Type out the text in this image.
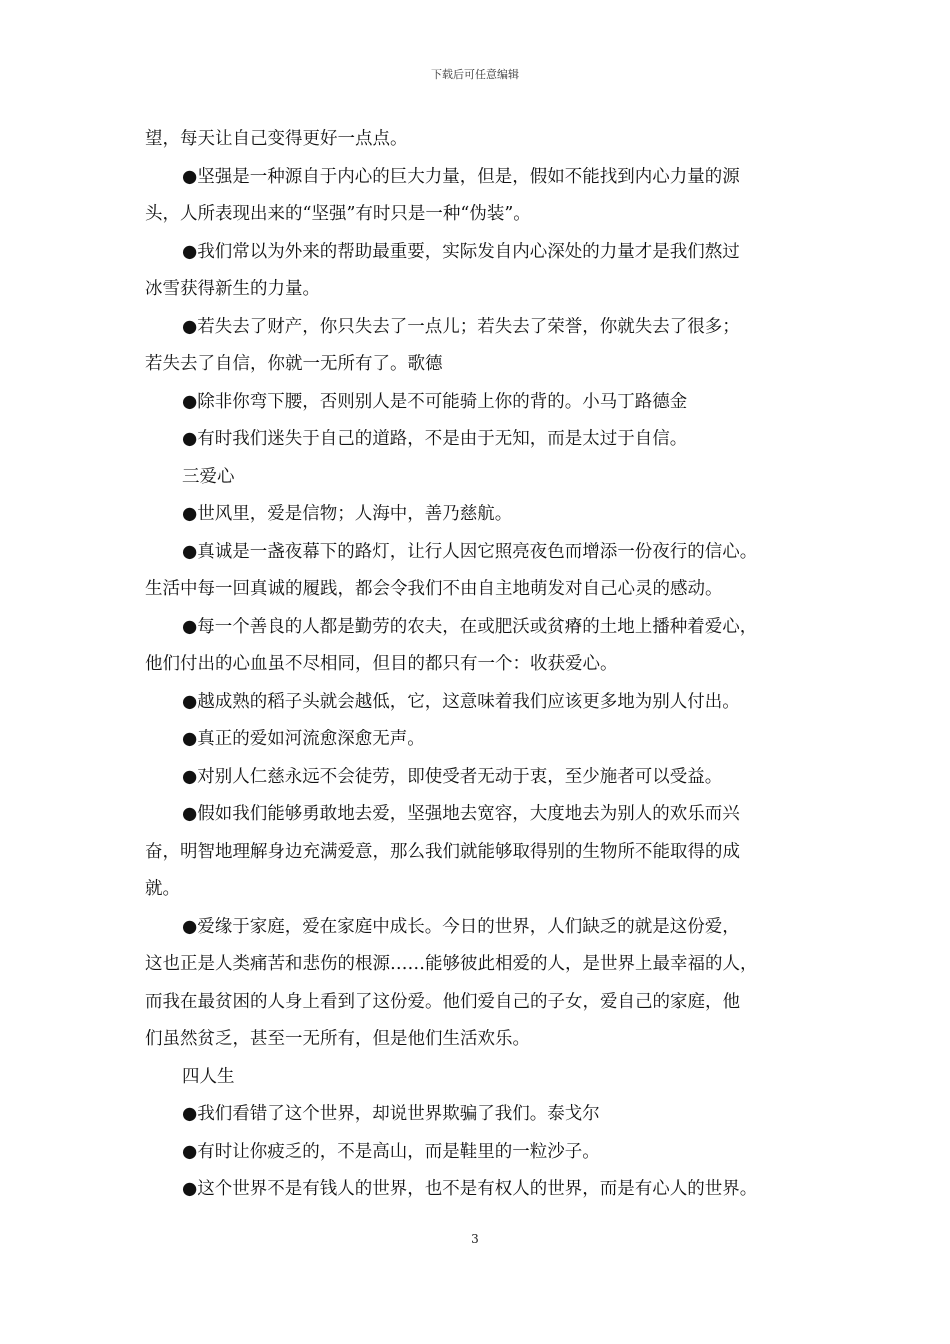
下载后可任意编辑
望，每天让自己变得更好一点点。
●坚强是一种源自于内心的巨大力量，但是，假如不能找到内心力量的源
头，人所表现出来的“坚强”有时只是一种“伪装”。
●我们常以为外来的帮助最重要，实际发自内心深处的力量才是我们熬过
冰雪获得新生的力量。
●若失去了财产，你只失去了一点儿；若失去了荣誉，你就失去了很多；
若失去了自信，你就一无所有了。歌德
●除非你弯下腰，否则别人是不可能骑上你的背的。小马丁路德金
●有时我们迷失于自己的道路，不是由于无知，而是太过于自信。
三爱心
●世风里，爱是信物；人海中，善乃慈航。
●真诚是一盏夜幕下的路灯，让行人因它照亮夜色而增添一份夜行的信心。
生活中每一回真诚的履践，都会令我们不由自主地萌发对自己心灵的感动。
●每一个善良的人都是勤劳的农夫，在或肥沃或贫瘠的土地上播种着爱心，
他们付出的心血虽不尽相同，但目的都只有一个：收获爱心。
●越成熟的稻子头就会越低，它，这意味着我们应该更多地为别人付出。
●真正的爱如河流愈深愈无声。
●对别人仁慈永远不会徒劳，即使受者无动于衷，至少施者可以受益。
●假如我们能够勇敢地去爱，坚强地去宽容，大度地去为别人的欢乐而兴
奋，明智地理解身边充满爱意，那么我们就能够取得别的生物所不能取得的成
就。
●爱缘于家庭，爱在家庭中成长。今日的世界，人们缺乏的就是这份爱，
这也正是人类痛苦和悲伤的根源……能够彼此相爱的人，是世界上最幸福的人，
而我在最贫困的人身上看到了这份爱。他们爱自己的子女，爱自己的家庭，他
们虽然贫乏，甚至一无所有，但是他们生活欢乐。
四人生
●我们看错了这个世界，却说世界欺骗了我们。泰戈尔
●有时让你疲乏的，不是高山，而是鞋里的一粒沙子。
●这个世界不是有钱人的世界，也不是有权人的世界，而是有心人的世界。
3
